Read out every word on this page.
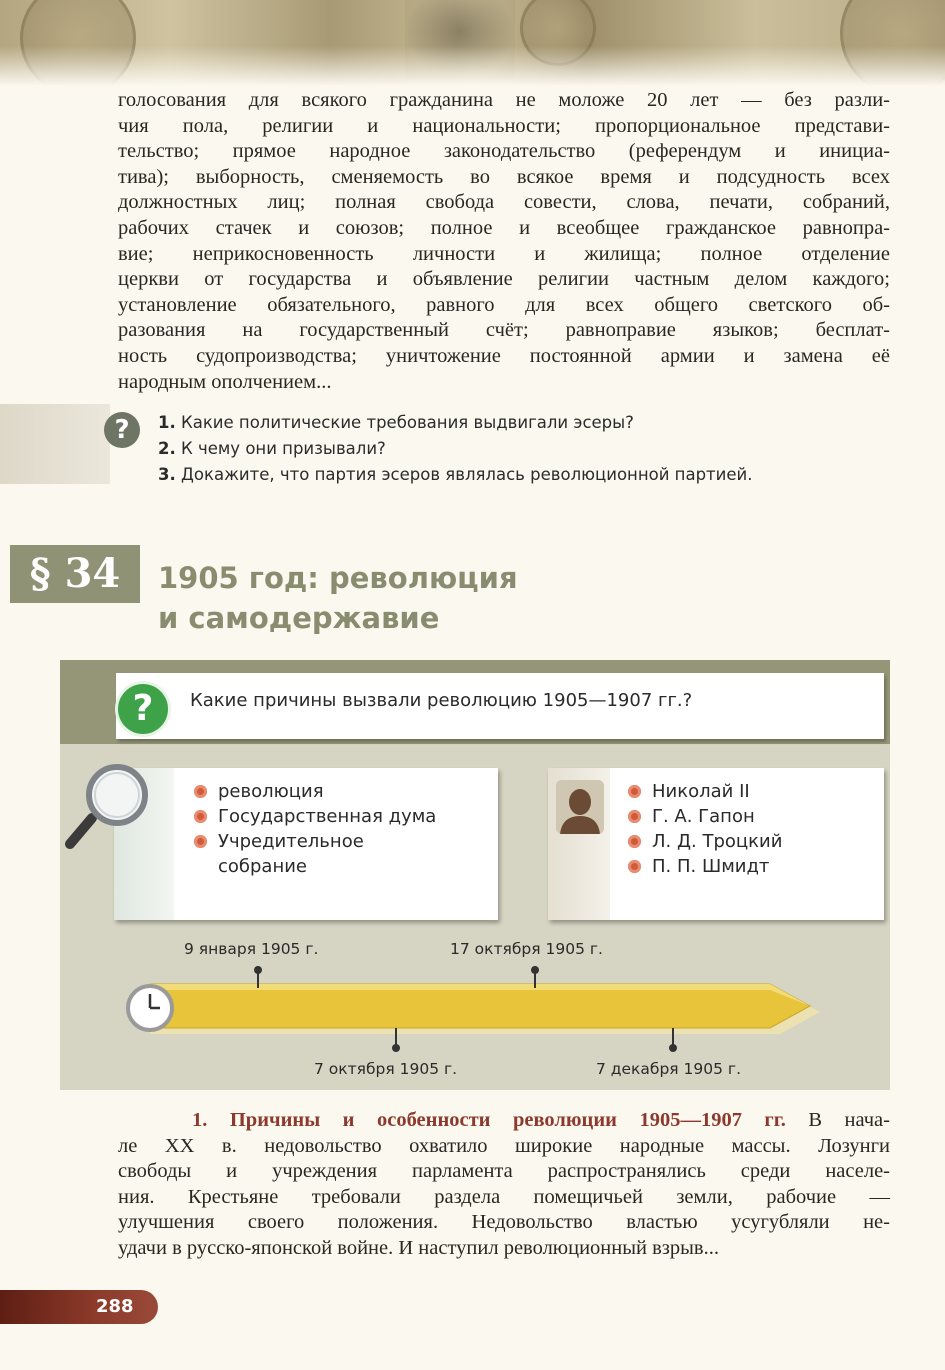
голосования для всякого гражданина не моложе 20 лет — без разли-
чия пола, религии и национальности; пропорциональное представи-
тельство; прямое народное законодательство (референдум и инициа-
тива); выборность, сменяемость во всякое время и подсудность всех
должностных лиц; полная свобода совести, слова, печати, собраний,
рабочих стачек и союзов; полное и всеобщее гражданское равнопра-
вие; неприкосновенность личности и жилища; полное отделение
церкви от государства и объявление религии частным делом каждого;
установление обязательного, равного для всех общего светского об-
разования на государственный счёт; равноправие языков; бесплат-
ность судопроизводства; уничтожение постоянной армии и замена её
народным ополчением...
?	1. Какие политические требования выдвигали эсеры?
2. К чему они призывали?
3. Докажите, что партия эсеров являлась революционной партией.
§ 34	1905 год: революция
и самодержавие
?	Какие причины вызвали революцию 1905—1907 гг.?
революция
Государственная дума
Учредительное
собрание
Николай II
Г. А. Гапон
Л. Д. Троцкий
П. П. Шмидт
9 января 1905 г.	17 октября 1905 г.
7 октября 1905 г.	7 декабря 1905 г.
1. Причины и особенности революции 1905—1907 гг. В нача-
ле XX в. недовольство охватило широкие народные массы. Лозунги
свободы и учреждения парламента распространялись среди населе-
ния. Крестьяне требовали раздела помещичьей земли, рабочие —
улучшения своего положения. Недовольство властью усугубляли не-
удачи в русско-японской войне. И наступил революционный взрыв...
288
